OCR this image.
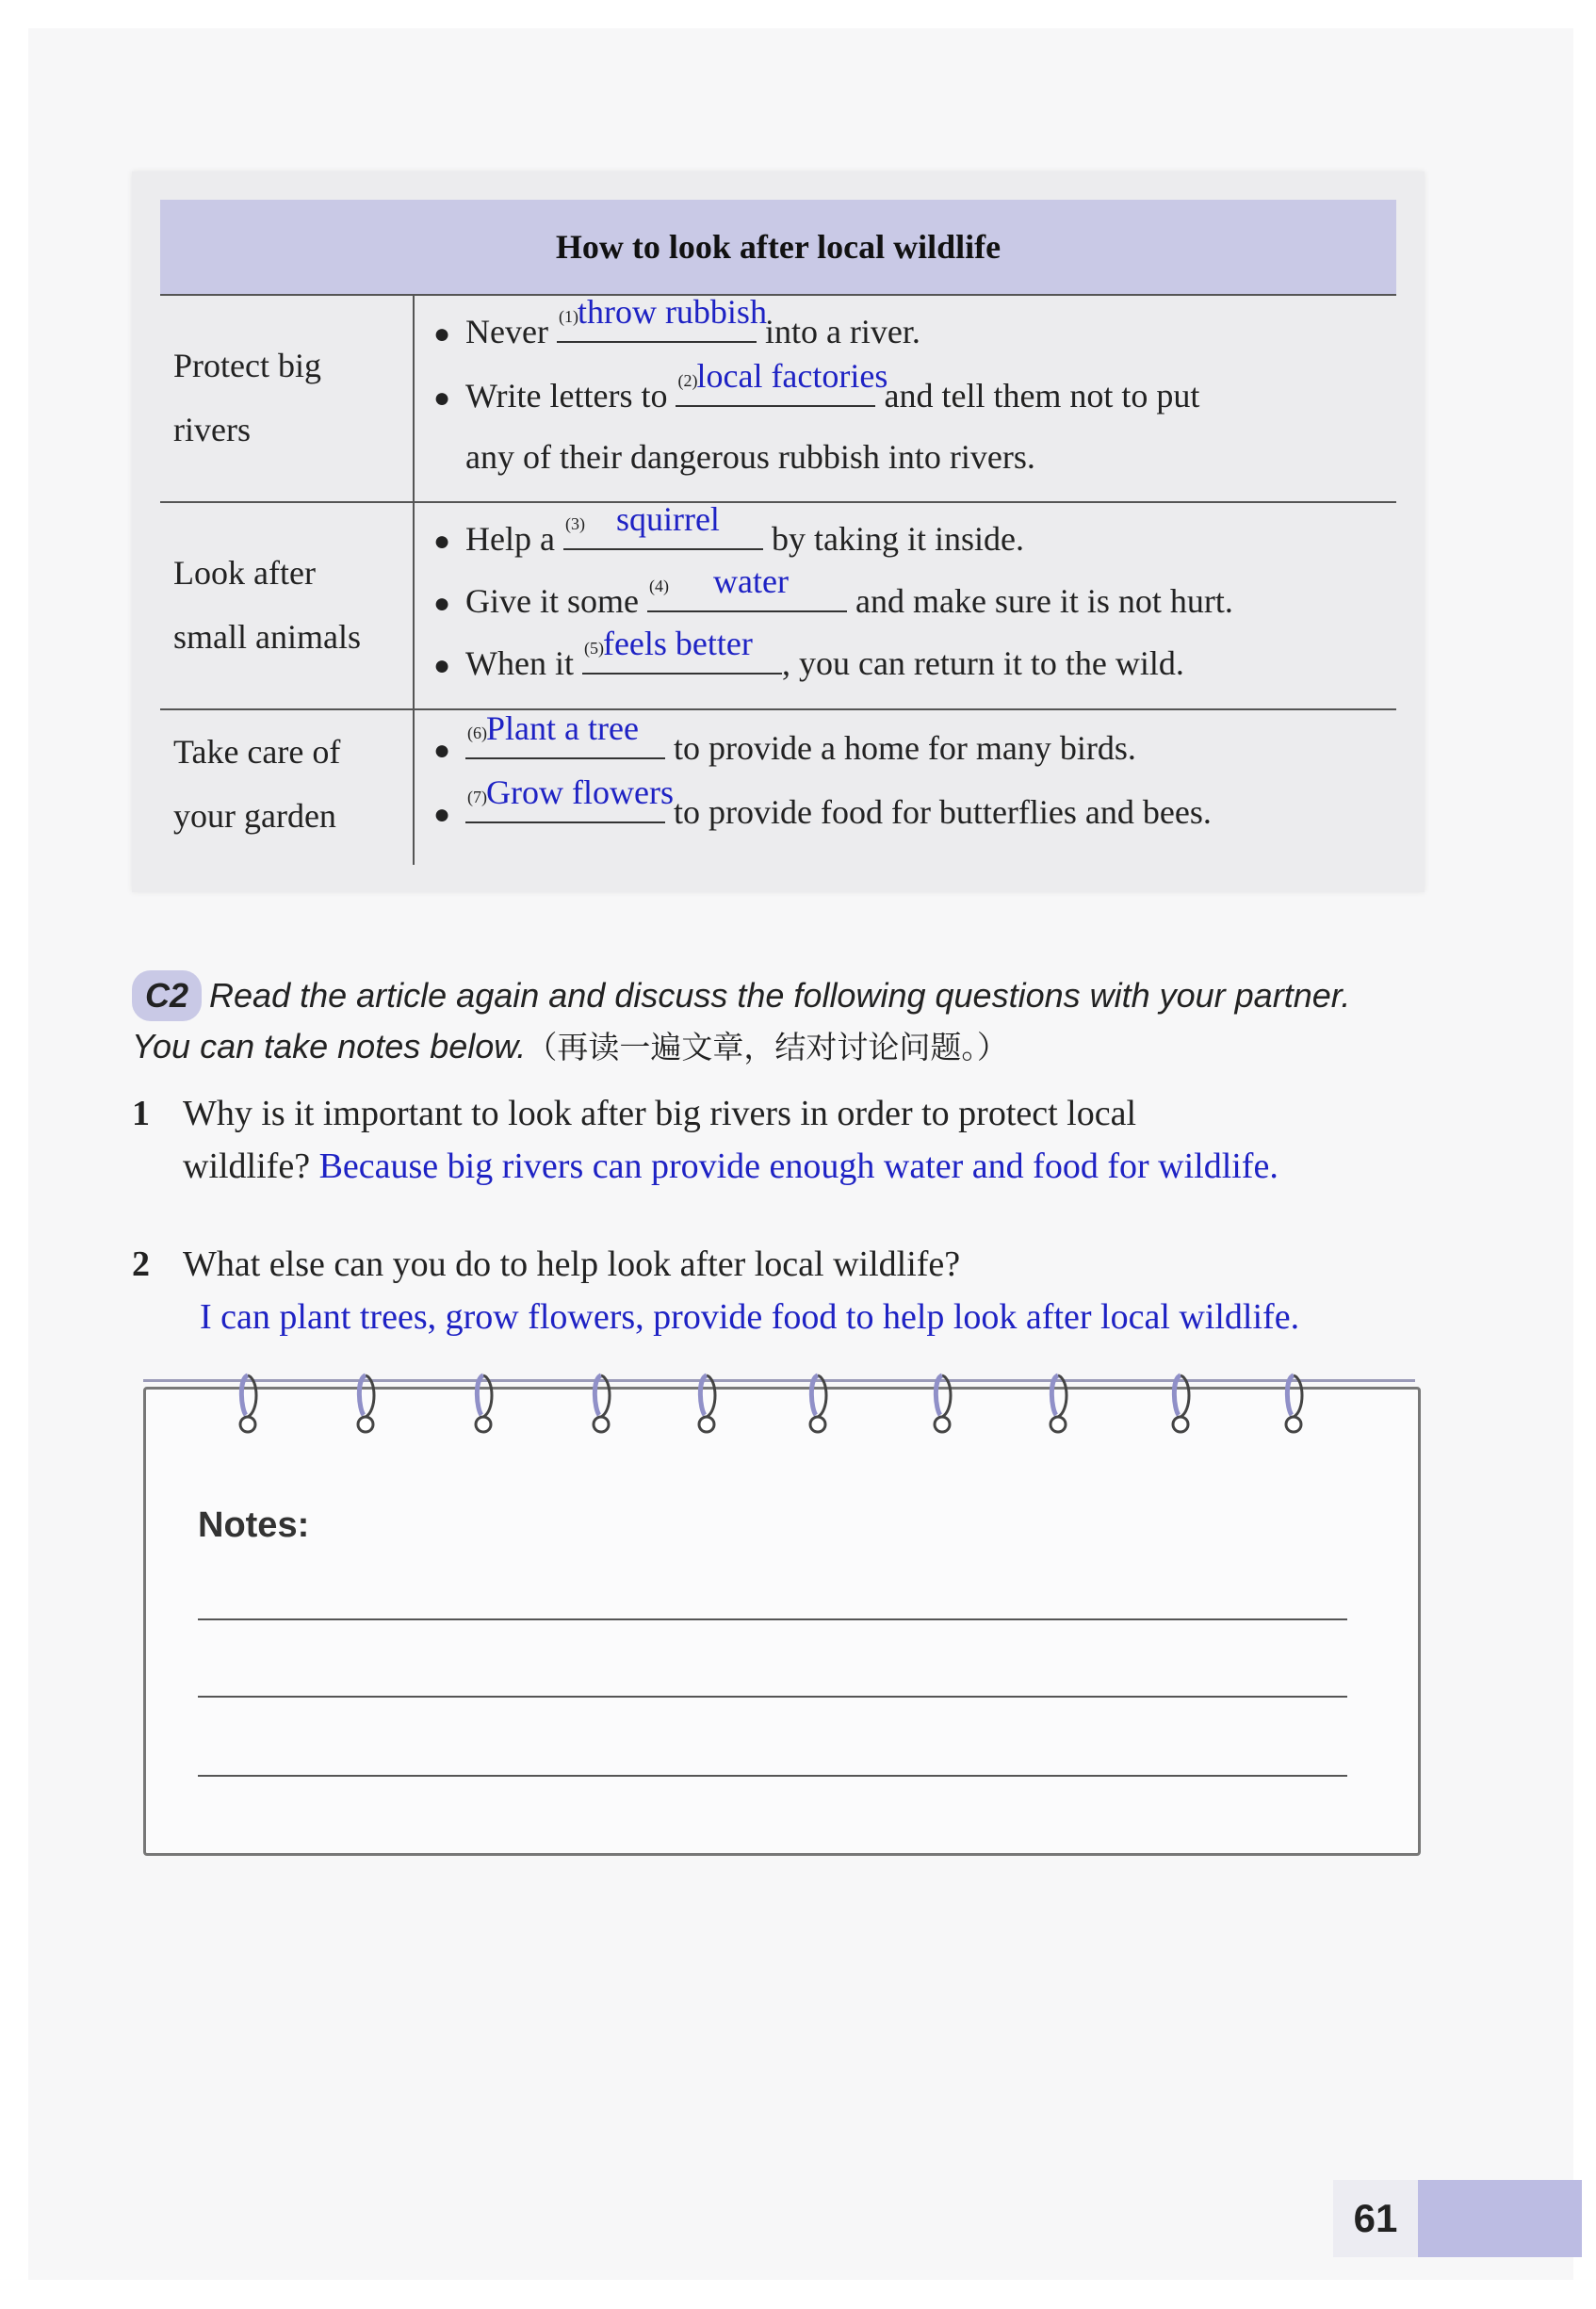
How to look after local wildlife
Protect big
rivers
● Never (1) throw rubbish
into a river.
● Write letters to (2) local factories
and tell them not to put
any of their dangerous rubbish into rivers.
Look after
small animals
● Help a (3) squirrel
by taking it inside.
● Give it some (4) water
and make sure it is not hurt.
● When it (5) feels better
, you can return it to the wild.
Take care of
your garden
●
(6) Plant a tree
to provide a home for many birds.
●
(7) Grow flowers
to provide food for butterflies and bees.
C2 Read the article again and discuss the following questions with your partner.
You can take notes below.（再读一遍文章，结对讨论问题。）
1 Why is it important to look after big rivers in order to protect local
wildlife? Because big rivers can provide enough water and food for wildlife.
2 What else can you do to help look after local wildlife?
I can plant trees, grow flowers, provide food to help look after local wildlife.
Notes:
61
